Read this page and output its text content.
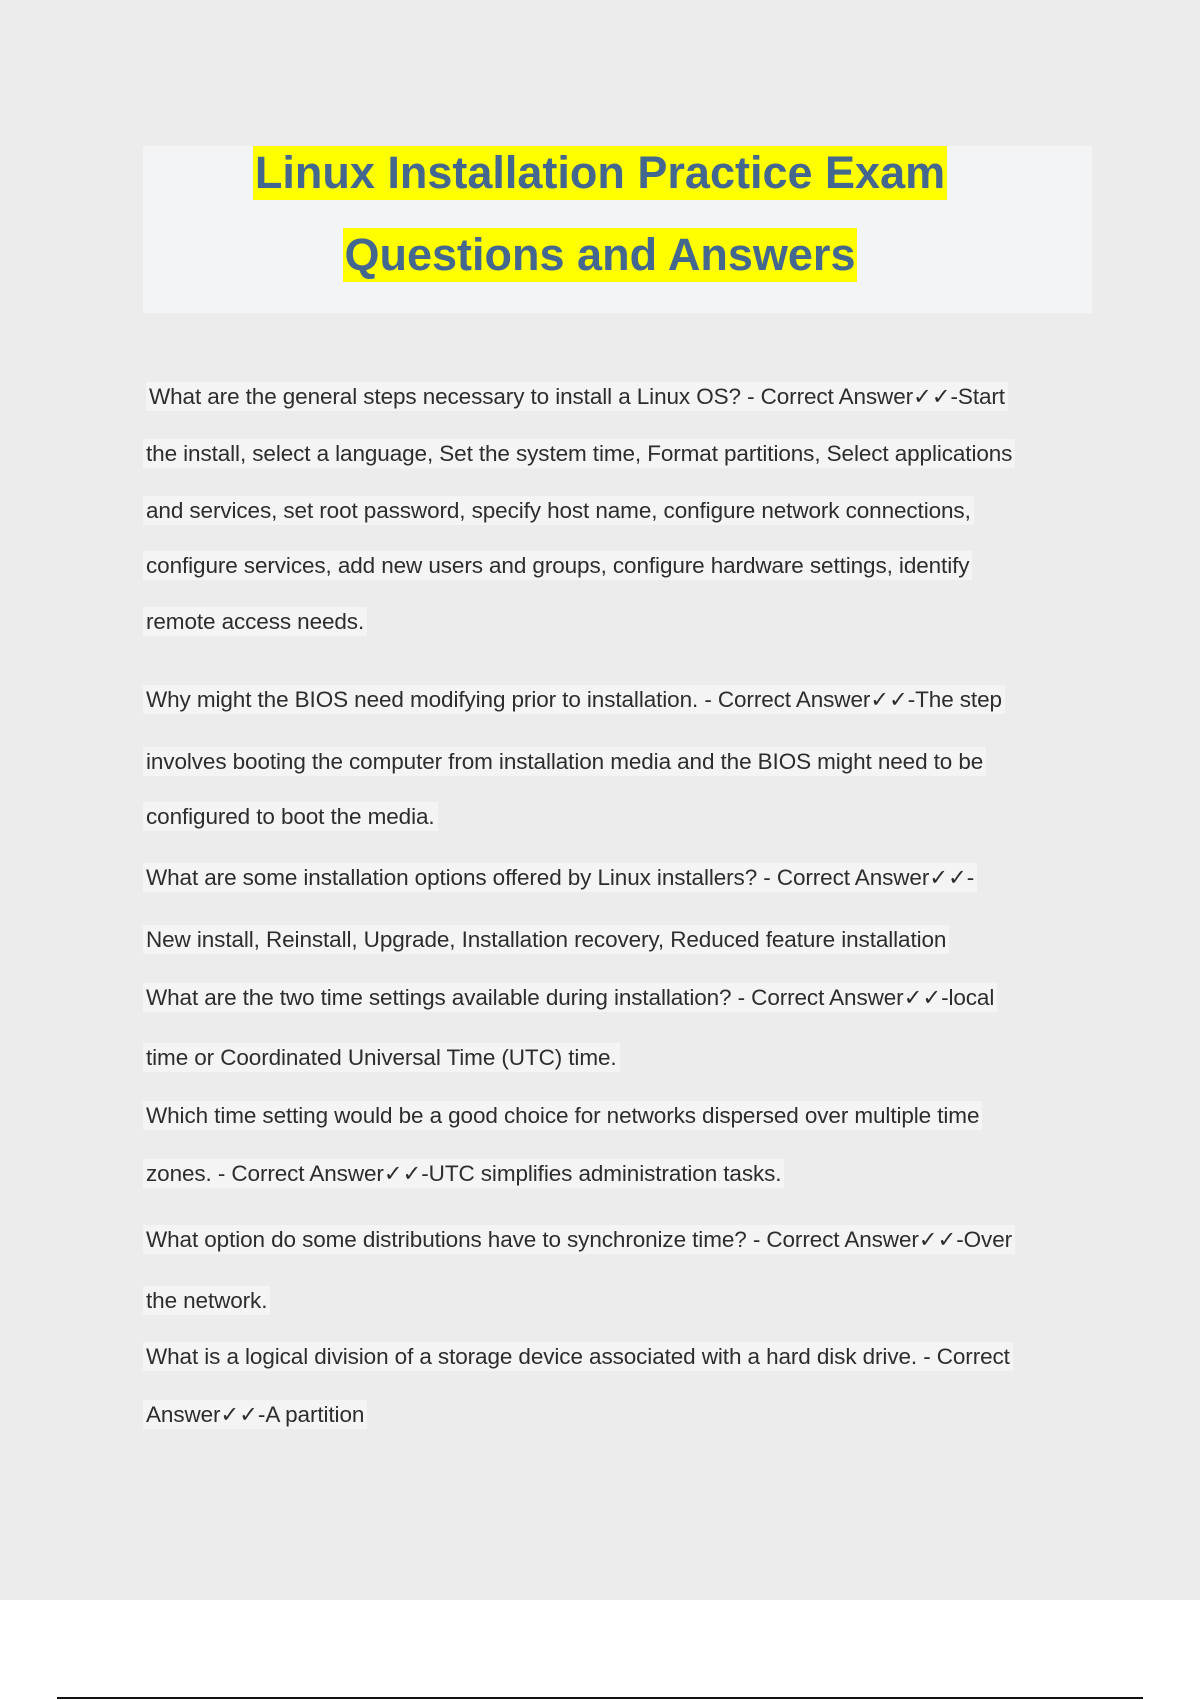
Linux Installation Practice Exam
Questions and Answers
What are the general steps necessary to install a Linux OS? - Correct Answer✓✓-Start
the install, select a language, Set the system time, Format partitions, Select applications
and services, set root password, specify host name, configure network connections,
configure services, add new users and groups, configure hardware settings, identify
remote access needs.
Why might the BIOS need modifying prior to installation. - Correct Answer✓✓-The step
involves booting the computer from installation media and the BIOS might need to be
configured to boot the media.
What are some installation options offered by Linux installers? - Correct Answer✓✓-
New install, Reinstall, Upgrade, Installation recovery, Reduced feature installation
What are the two time settings available during installation? - Correct Answer✓✓-local
time or Coordinated Universal Time (UTC) time.
Which time setting would be a good choice for networks dispersed over multiple time
zones. - Correct Answer✓✓-UTC simplifies administration tasks.
What option do some distributions have to synchronize time? - Correct Answer✓✓-Over
the network.
What is a logical division of a storage device associated with a hard disk drive. - Correct
Answer✓✓-A partition
